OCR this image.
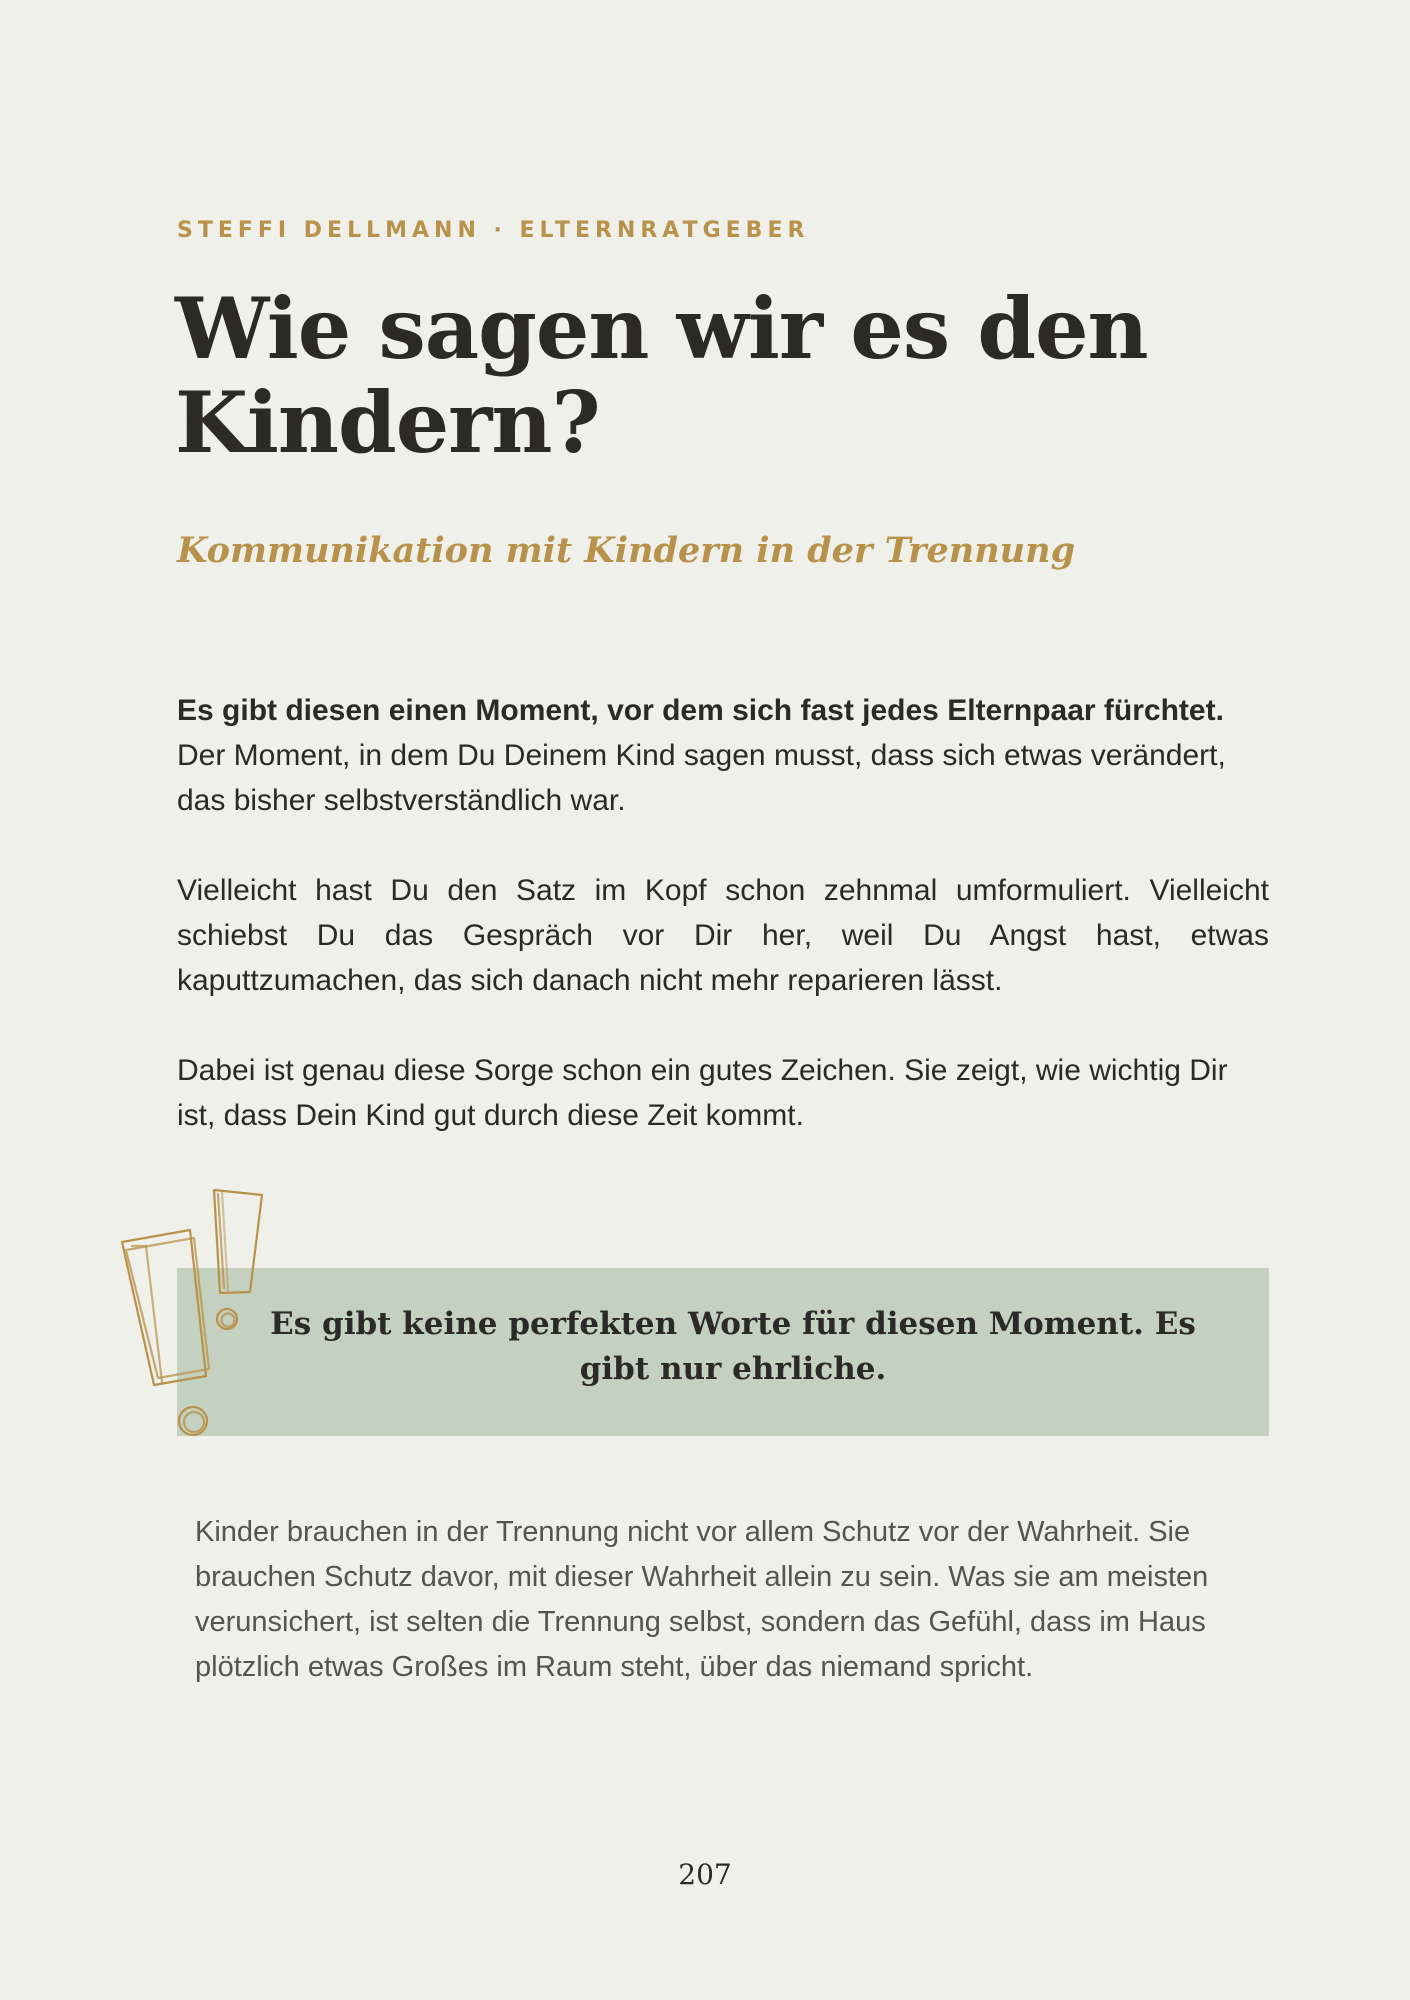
STEFFI DELLMANN · ELTERNRATGEBER
Wie sagen wir es den Kindern?
Kommunikation mit Kindern in der Trennung

Es gibt diesen einen Moment, vor dem sich fast jedes Elternpaar fürchtet.
Der Moment, in dem Du Deinem Kind sagen musst, dass sich etwas verändert, das bisher selbstverständlich war.

Vielleicht hast Du den Satz im Kopf schon zehnmal umformuliert. Vielleicht schiebst Du das Gespräch vor Dir her, weil Du Angst hast, etwas kaputtzumachen, das sich danach nicht mehr reparieren lässt.

Dabei ist genau diese Sorge schon ein gutes Zeichen. Sie zeigt, wie wichtig Dir ist, dass Dein Kind gut durch diese Zeit kommt.

Es gibt keine perfekten Worte für diesen Moment. Es gibt nur ehrliche.

Kinder brauchen in der Trennung nicht vor allem Schutz vor der Wahrheit. Sie brauchen Schutz davor, mit dieser Wahrheit allein zu sein. Was sie am meisten verunsichert, ist selten die Trennung selbst, sondern das Gefühl, dass im Haus plötzlich etwas Großes im Raum steht, über das niemand spricht.

207
